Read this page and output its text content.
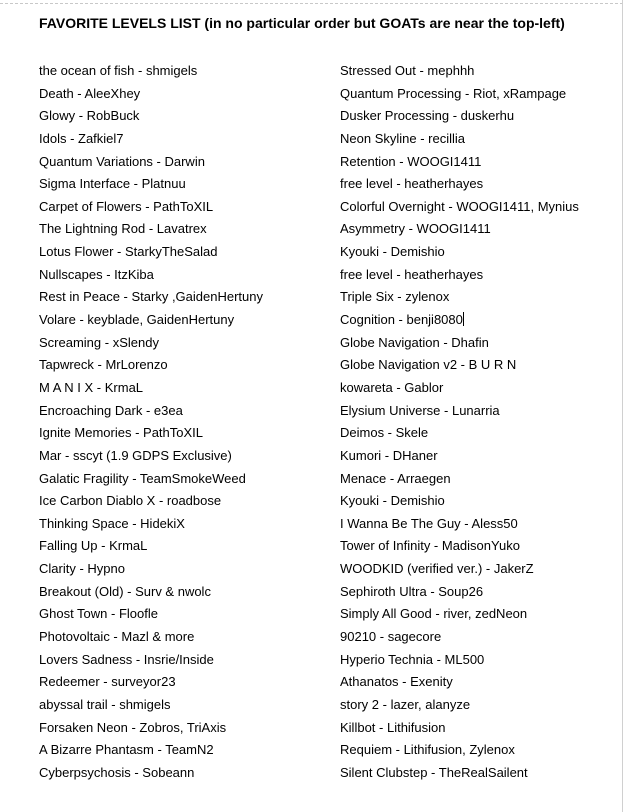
FAVORITE LEVELS LIST (in no particular order but GOATs are near the top-left)
the ocean of fish - shmigels
Death - AleeXhey
Glowy - RobBuck
Idols - Zafkiel7
Quantum Variations - Darwin
Sigma Interface - Platnuu
Carpet of Flowers - PathToXIL
The Lightning Rod - Lavatrex
Lotus Flower - StarkyTheSalad
Nullscapes - ItzKiba
Rest in Peace - Starky ,GaidenHertuny
Volare - keyblade, GaidenHertuny
Screaming - xSlendy
Tapwreck - MrLorenzo
M A N I X - KrmaL
Encroaching Dark - e3ea
Ignite Memories - PathToXIL
Mar - sscyt (1.9 GDPS Exclusive)
Galatic Fragility - TeamSmokeWeed
Ice Carbon Diablo X - roadbose
Thinking Space - HidekiX
Falling Up - KrmaL
Clarity - Hypno
Breakout (Old) - Surv & nwolc
Ghost Town - Floofle
Photovoltaic - Mazl & more
Lovers Sadness - Insrie/Inside
Redeemer - surveyor23
abyssal trail - shmigels
Forsaken Neon - Zobros, TriAxis
A Bizarre Phantasm - TeamN2
Cyberpsychosis - Sobeann
Stressed Out - mephhh
Quantum Processing - Riot, xRampage
Dusker Processing - duskerhu
Neon Skyline - recillia
Retention - WOOGI1411
free level - heatherhayes
Colorful Overnight - WOOGI1411, Mynius
Asymmetry - WOOGI1411
Kyouki - Demishio
free level - heatherhayes
Triple Six - zylenox
Cognition - benji8080
Globe Navigation - Dhafin
Globe Navigation v2 - B U R N
kowareta - Gablor
Elysium Universe - Lunarria
Deimos - Skele
Kumori - DHaner
Menace - Arraegen
Kyouki - Demishio
I Wanna Be The Guy - Aless50
Tower of Infinity - MadisonYuko
WOODKID (verified ver.) - JakerZ
Sephiroth Ultra - Soup26
Simply All Good - river, zedNeon
90210 - sagecore
Hyperio Technia - ML500
Athanatos - Exenity
story 2 - lazer, alanyze
Killbot - Lithifusion
Requiem - Lithifusion, Zylenox
Silent Clubstep - TheRealSailent
